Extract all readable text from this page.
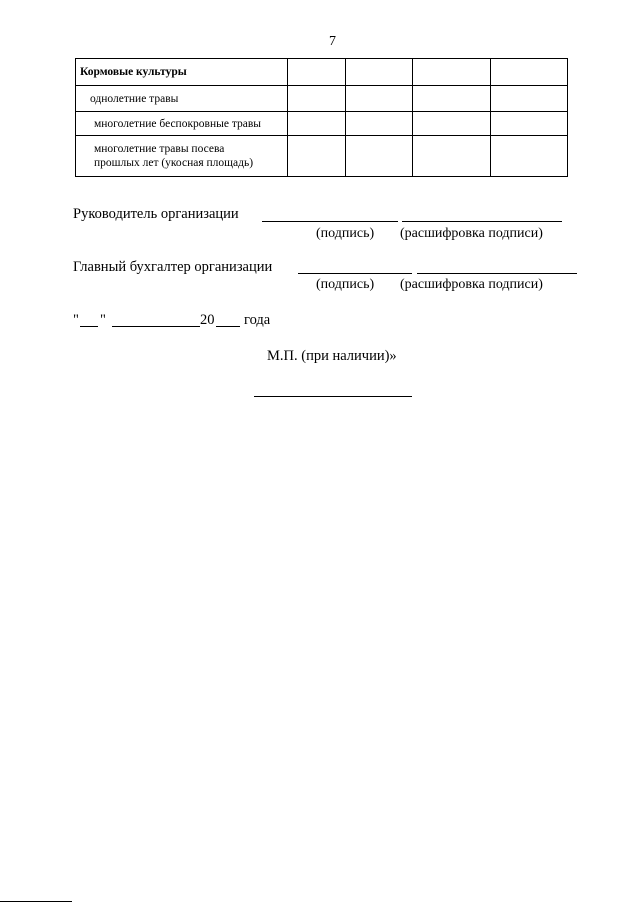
7
Кормовые культуры				
однолетние травы				
многолетние беспокровные травы				
многолетние травы посева
прошлых лет (укосная площадь)				
Руководитель организации
(подпись) (расшифровка подписи)
Главный бухгалтер организации
(подпись) (расшифровка подписи)
" "	20 года
М.П. (при наличии)»
